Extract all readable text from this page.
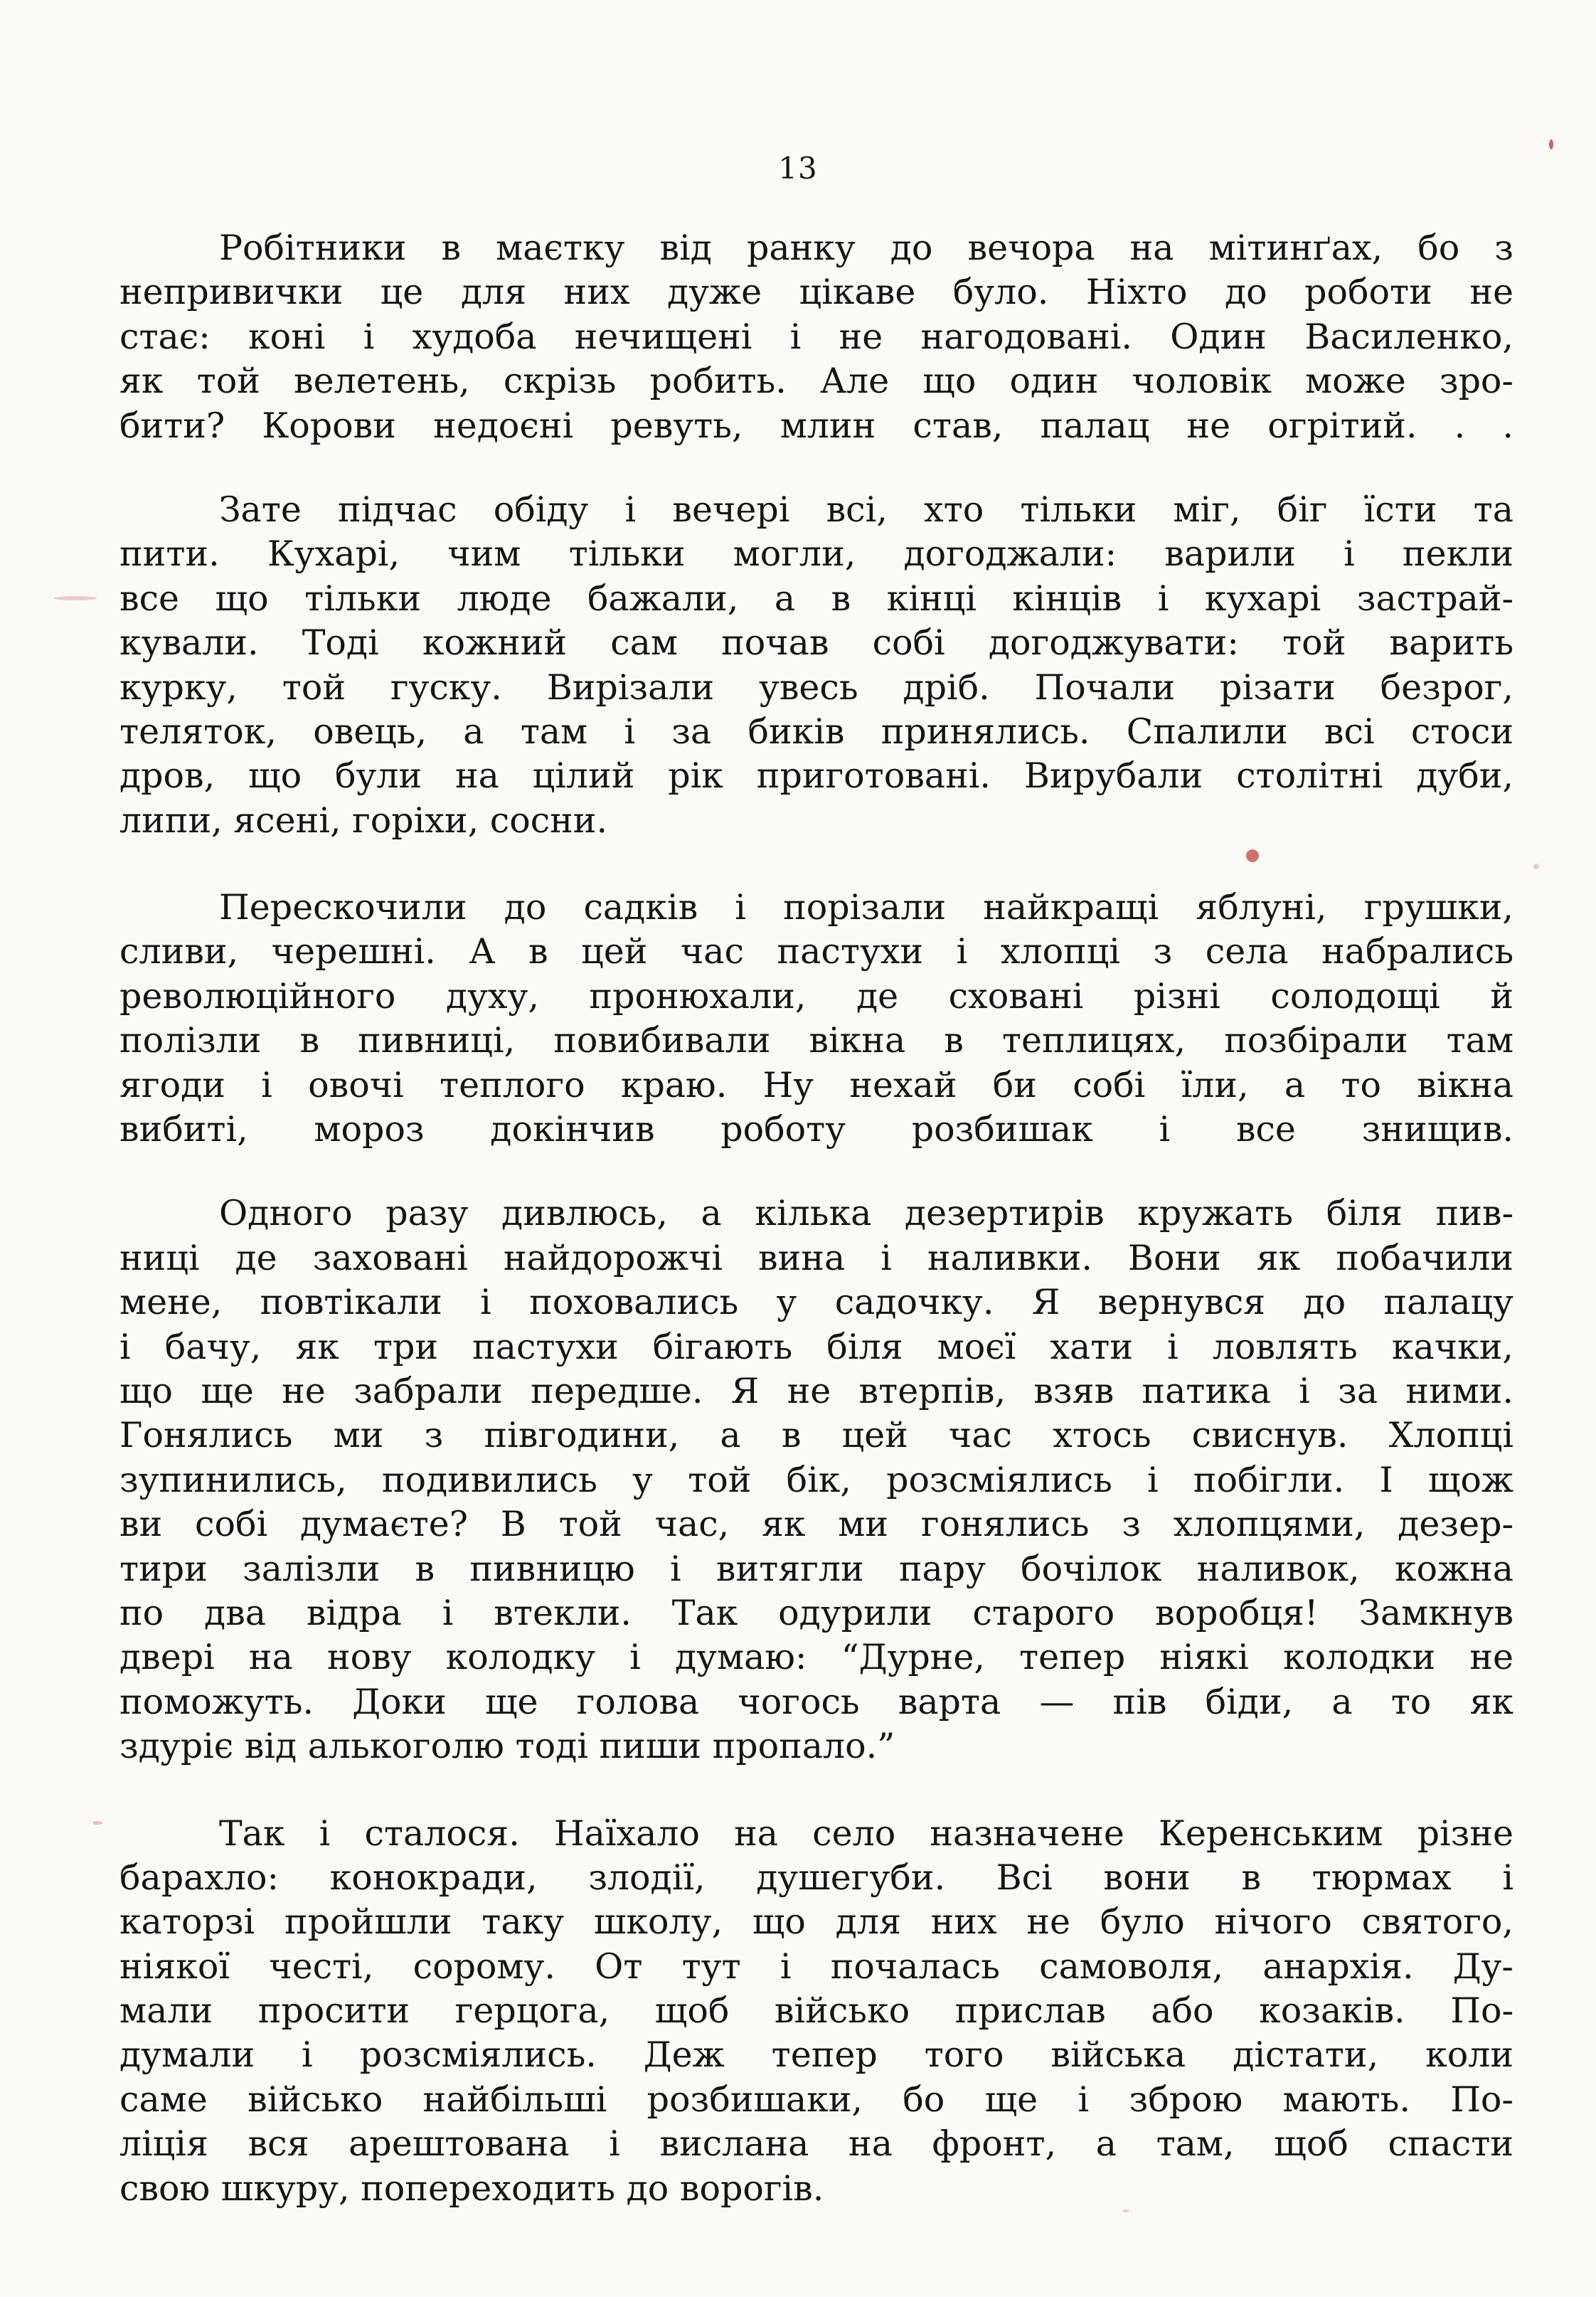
13
Робітники в маєтку від ранку до вечора на мітинґах, бо з
непривички це для них дуже цікаве було. Ніхто до роботи не
стає: коні і худоба нечищені і не нагодовані. Один Василенко,
як той велетень, скрізь робить. Але що один чоловік може зро-
бити? Корови недоєні ревуть, млин став, палац не огрітий. . .
Зате підчас обіду і вечері всі, хто тільки міг, біг їсти та
пити. Кухарі, чим тільки могли, догоджали: варили і пекли
все що тільки люде бажали, а в кінці кінців і кухарі застрай-
кували. Тоді кожний сам почав собі догоджувати: той варить
курку, той гуску. Вирізали увесь дріб. Почали різати безрог,
теляток, овець, а там і за биків принялись. Спалили всі стоси
дров, що були на цілий рік приготовані. Вирубали столітні дуби,
липи, ясені, горіхи, сосни.
Перескочили до садків і порізали найкращі яблуні, грушки,
сливи, черешні. А в цей час пастухи і хлопці з села набрались
революційного духу, пронюхали, де сховані різні солодощі й
полізли в пивниці, повибивали вікна в теплицях, позбірали там
ягоди і овочі теплого краю. Ну нехай би собі їли, а то вікна
вибиті, мороз докінчив роботу розбишак і все знищив.
Одного разу дивлюсь, а кілька дезертирів кружать біля пив-
ниці де заховані найдорожчі вина і наливки. Вони як побачили
мене, повтікали і поховались у садочку. Я вернувся до палацу
і бачу, як три пастухи бігають біля моєї хати і ловлять качки,
що ще не забрали передше. Я не втерпів, взяв патика і за ними.
Гонялись ми з півгодини, а в цей час хтось свиснув. Хлопці
зупинились, подивились у той бік, розсміялись і побігли. І щож
ви собі думаєте? В той час, як ми гонялись з хлопцями, дезер-
тири залізли в пивницю і витягли пару бочілок наливок, кожна
по два відра і втекли. Так одурили старого воробця! Замкнув
двері на нову колодку і думаю: “Дурне, тепер ніякі колодки не
поможуть. Доки ще голова чогось варта — пів біди, а то як
здуріє від алькоголю тоді пиши пропало.”
Так і сталося. Наїхало на село назначене Керенським різне
барахло: конокради, злодії, душегуби. Всі вони в тюрмах і
каторзі пройшли таку школу, що для них не було нічого святого,
ніякої честі, сорому. От тут і почалась самоволя, анархія. Ду-
мали просити герцога, щоб військо прислав або козаків. По-
думали і розсміялись. Деж тепер того війська дістати, коли
саме військо найбільші розбишаки, бо ще і зброю мають. По-
ліція вся арештована і вислана на фронт, а там, щоб спасти
свою шкуру, попереходить до ворогів.
